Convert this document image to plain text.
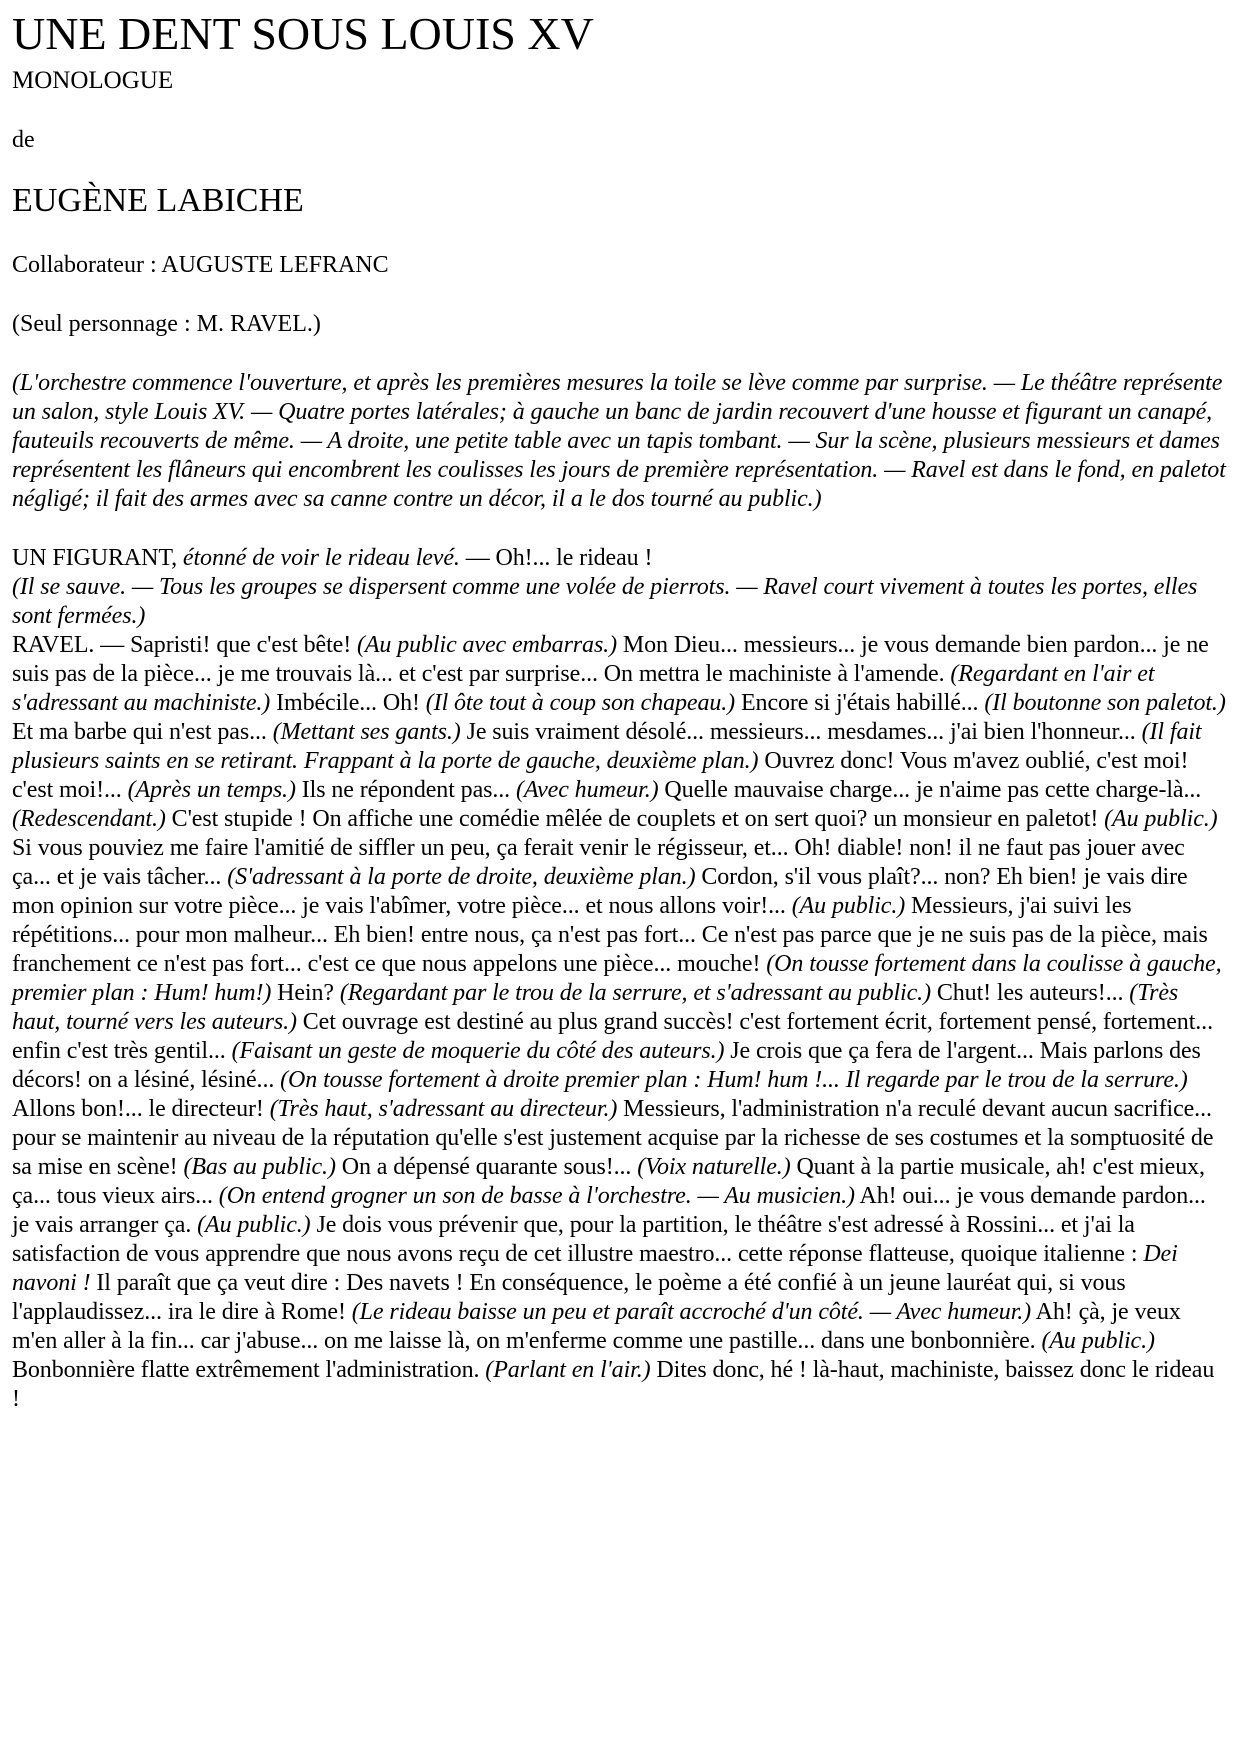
UNE DENT SOUS LOUIS XV
MONOLOGUE

de

EUGÈNE LABICHE

Collaborateur : AUGUSTE LEFRANC

(Seul personnage : M. RAVEL.)

(L'orchestre commence l'ouverture, et après les premières mesures la toile se lève comme par surprise. — Le théâtre représente un salon, style Louis XV. — Quatre portes latérales; à gauche un banc de jardin recouvert d'une housse et figurant un canapé, fauteuils recouverts de même. — A droite, une petite table avec un tapis tombant. — Sur la scène, plusieurs messieurs et dames représentent les flâneurs qui encombrent les coulisses les jours de première représentation. — Ravel est dans le fond, en paletot négligé; il fait des armes avec sa canne contre un décor, il a le dos tourné au public.)

UN FIGURANT, étonné de voir le rideau levé. — Oh!... le rideau !

(Il se sauve. — Tous les groupes se dispersent comme une volée de pierrots. — Ravel court vivement à toutes les portes, elles sont fermées.)

RAVEL. — Sapristi! que c'est bête! (Au public avec embarras.) Mon Dieu... messieurs... je vous demande bien pardon... je ne suis pas de la pièce... je me trouvais là... et c'est par surprise... On mettra le machiniste à l'amende. (Regardant en l'air et s'adressant au machiniste.) Imbécile... Oh! (Il ôte tout à coup son chapeau.) Encore si j'étais habillé... (Il boutonne son paletot.) Et ma barbe qui n'est pas... (Mettant ses gants.) Je suis vraiment désolé... messieurs... mesdames... j'ai bien l'honneur... (Il fait plusieurs saints en se retirant. Frappant à la porte de gauche, deuxième plan.) Ouvrez donc! Vous m'avez oublié, c'est moi! c'est moi!... (Après un temps.) Ils ne répondent pas... (Avec humeur.) Quelle mauvaise charge... je n'aime pas cette charge-là... (Redescendant.) C'est stupide ! On affiche une comédie mêlée de couplets et on sert quoi? un monsieur en paletot! (Au public.) Si vous pouviez me faire l'amitié de siffler un peu, ça ferait venir le régisseur, et... Oh! diable! non! il ne faut pas jouer avec ça... et je vais tâcher... (S'adressant à la porte de droite, deuxième plan.) Cordon, s'il vous plaît?... non? Eh bien! je vais dire mon opinion sur votre pièce... je vais l'abîmer, votre pièce... et nous allons voir!... (Au public.) Messieurs, j'ai suivi les répétitions... pour mon malheur... Eh bien! entre nous, ça n'est pas fort... Ce n'est pas parce que je ne suis pas de la pièce, mais franchement ce n'est pas fort... c'est ce que nous appelons une pièce... mouche! (On tousse fortement dans la coulisse à gauche, premier plan : Hum! hum!) Hein? (Regardant par le trou de la serrure, et s'adressant au public.) Chut! les auteurs!... (Très haut, tourné vers les auteurs.) Cet ouvrage est destiné au plus grand succès! c'est fortement écrit, fortement pensé, fortement... enfin c'est très gentil... (Faisant un geste de moquerie du côté des auteurs.) Je crois que ça fera de l'argent... Mais parlons des décors! on a lésiné, lésiné... (On tousse fortement à droite premier plan : Hum! hum !... Il regarde par le trou de la serrure.) Allons bon!... le directeur! (Très haut, s'adressant au directeur.) Messieurs, l'administration n'a reculé devant aucun sacrifice... pour se maintenir au niveau de la réputation qu'elle s'est justement acquise par la richesse de ses costumes et la somptuosité de sa mise en scène! (Bas au public.) On a dépensé quarante sous!... (Voix naturelle.) Quant à la partie musicale, ah! c'est mieux, ça... tous vieux airs... (On entend grogner un son de basse à l'orchestre. — Au musicien.) Ah! oui... je vous demande pardon... je vais arranger ça. (Au public.) Je dois vous prévenir que, pour la partition, le théâtre s'est adressé à Rossini... et j'ai la satisfaction de vous apprendre que nous avons reçu de cet illustre maestro... cette réponse flatteuse, quoique italienne : Dei navoni ! Il paraît que ça veut dire : Des navets ! En conséquence, le poème a été confié à un jeune lauréat qui, si vous l'applaudissez... ira le dire à Rome! (Le rideau baisse un peu et paraît accroché d'un côté. — Avec humeur.) Ah! çà, je veux m'en aller à la fin... car j'abuse... on me laisse là, on m'enferme comme une pastille... dans une bonbonnière. (Au public.) Bonbonnière flatte extrêmement l'administration. (Parlant en l'air.) Dites donc, hé ! là-haut, machiniste, baissez donc le rideau !
